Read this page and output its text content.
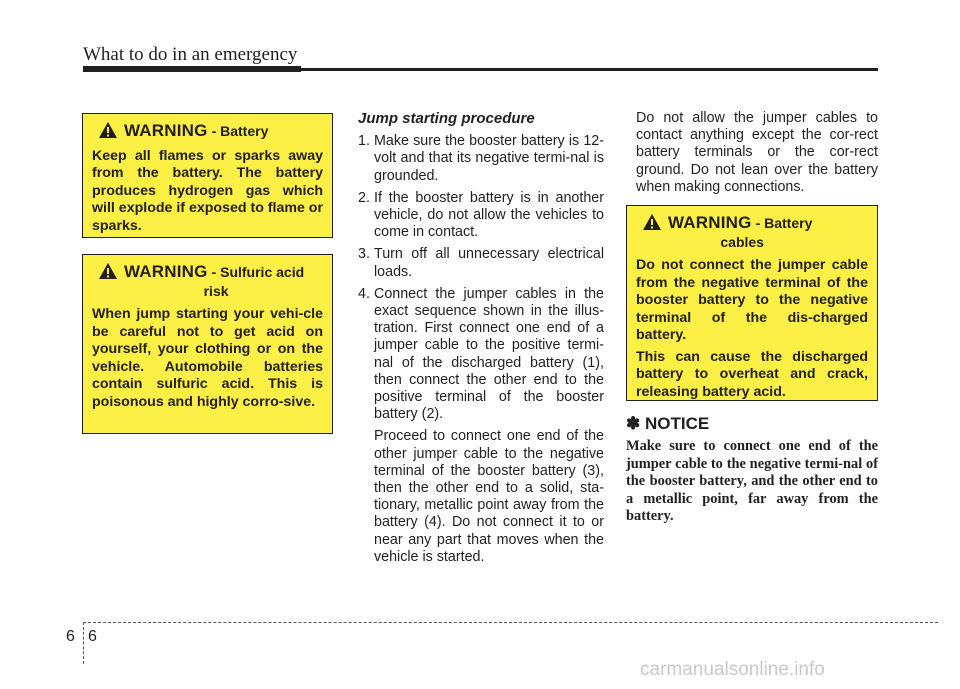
What to do in an emergency
WARNING - Battery

Keep all flames or sparks away from the battery. The battery produces hydrogen gas which will explode if exposed to flame or sparks.

WARNING - Sulfuric acid
risk

When jump starting your vehi-cle be careful not to get acid on yourself, your clothing or on the vehicle. Automobile batteries contain sulfuric acid. This is poisonous and highly corro-sive.

Jump starting procedure
1. Make sure the booster battery is 12-volt and that its negative termi-nal is grounded.
2. If the booster battery is in another vehicle, do not allow the vehicles to come in contact.
3. Turn off all unnecessary electrical loads.
4. Connect the jumper cables in the exact sequence shown in the illus-tration. First connect one end of a jumper cable to the positive termi-nal of the discharged battery (1), then connect the other end to the positive terminal of the booster battery (2).

Proceed to connect one end of the other jumper cable to the negative terminal of the booster battery (3), then the other end to a solid, sta-tionary, metallic point away from the battery (4). Do not connect it to or near any part that moves when the vehicle is started.

Do not allow the jumper cables to contact anything except the cor-rect battery terminals or the cor-rect ground. Do not lean over the battery when making connections.
WARNING - Battery
cables

Do not connect the jumper cable from the negative terminal of the booster battery to the negative terminal of the dis-charged battery.

This can cause the discharged battery to overheat and crack, releasing battery acid.

✽ NOTICE

Make sure to connect one end of the jumper cable to the negative termi-nal of the booster battery, and the other end to a metallic point, far away from the battery.

6 6
carmanualsonline.info
